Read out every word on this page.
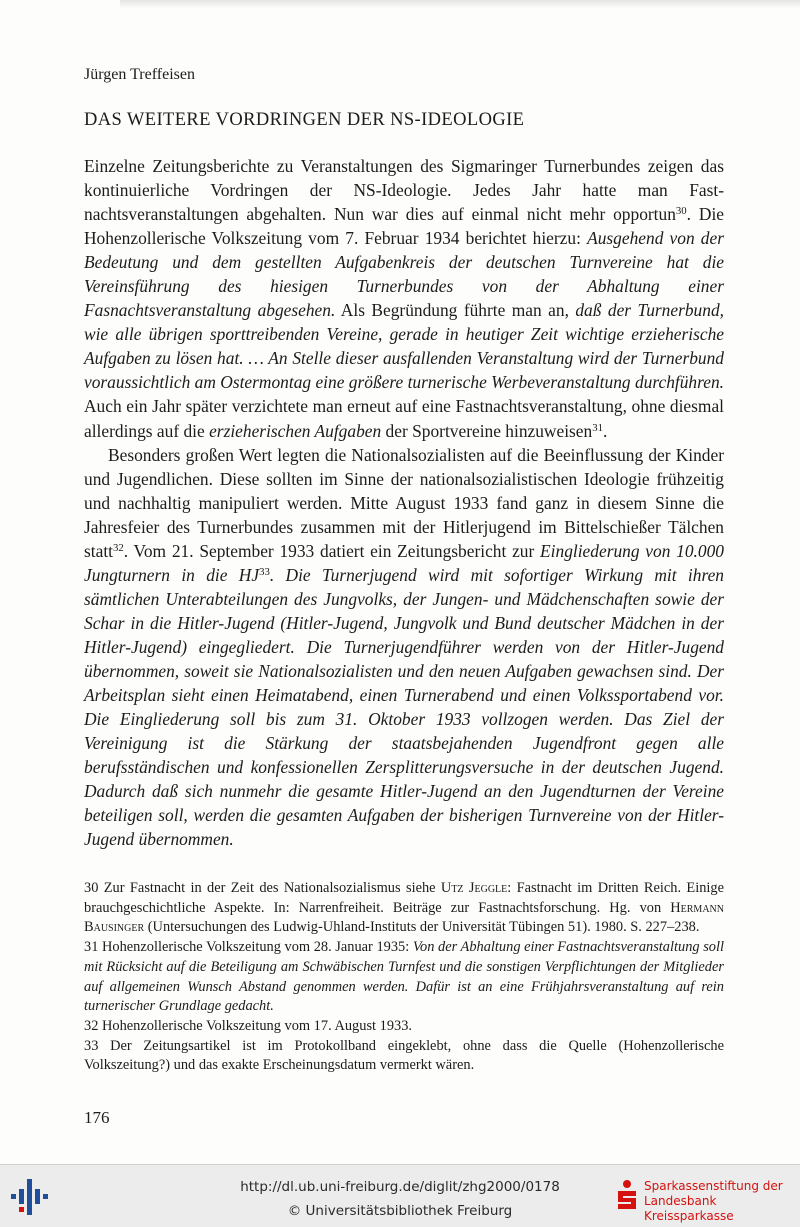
Jürgen Treffeisen
DAS WEITERE VORDRINGEN DER NS-IDEOLOGIE

Einzelne Zeitungsberichte zu Veranstaltungen des Sigmaringer Turnerbundes zeigen das kontinuierliche Vordringen der NS-Ideologie. Jedes Jahr hatte man Fastnachtsveranstaltungen abgehalten. Nun war dies auf einmal nicht mehr opportun$^{30}$. Die Hohenzollerische Volkszeitung vom 7. Februar 1934 berichtet hierzu: Ausgehend von der Bedeutung und dem gestellten Aufgabenkreis der deutschen Turnvereine hat die Vereinsführung des hiesigen Turnerbundes von der Abhaltung einer Fasnachtsveranstaltung abgesehen. Als Begründung führte man an, daß der Turnerbund, wie alle übrigen sporttreibenden Vereine, gerade in heutiger Zeit wichtige erzieherische Aufgaben zu lösen hat. … An Stelle dieser ausfallenden Veranstaltung wird der Turnerbund voraussichtlich am Ostermontag eine größere turnerische Werbeveranstaltung durchführen. Auch ein Jahr später verzichtete man erneut auf eine Fastnachtsveranstaltung, ohne diesmal allerdings auf die erzieherischen Aufgaben der Sportvereine hinzuweisen$^{31}$.

Besonders großen Wert legten die Nationalsozialisten auf die Beeinflussung der Kinder und Jugendlichen. Diese sollten im Sinne der nationalsozialistischen Ideologie frühzeitig und nachhaltig manipuliert werden. Mitte August 1933 fand ganz in diesem Sinne die Jahresfeier des Turnerbundes zusammen mit der Hitlerjugend im Bittelschießer Tälchen statt$^{32}$. Vom 21. September 1933 datiert ein Zeitungsbericht zur Eingliederung von 10.000 Jungturnern in die HJ$^{33}$. Die Turnerjugend wird mit sofortiger Wirkung mit ihren sämtlichen Unterabteilungen des Jungvolks, der Jungen- und Mädchenschaften sowie der Schar in die Hitler-Jugend (Hitler-Jugend, Jungvolk und Bund deutscher Mädchen in der Hitler-Jugend) eingegliedert. Die Turnerjugendführer werden von der Hitler-Jugend übernommen, soweit sie Nationalsozialisten und den neuen Aufgaben gewachsen sind. Der Arbeitsplan sieht einen Heimatabend, einen Turnerabend und einen Volkssportabend vor. Die Eingliederung soll bis zum 31. Oktober 1933 vollzogen werden. Das Ziel der Vereinigung ist die Stärkung der staatsbejahenden Jugendfront gegen alle berufsständischen und konfessionellen Zersplitterungsversuche in der deutschen Jugend. Dadurch daß sich nunmehr die gesamte Hitler-Jugend an den Jugendturnen der Vereine beteiligen soll, werden die gesamten Aufgaben der bisherigen Turnvereine von der Hitler-Jugend übernommen.

30 Zur Fastnacht in der Zeit des Nationalsozialismus siehe Utz Jeggle: Fastnacht im Dritten Reich. Einige brauchgeschichtliche Aspekte. In: Narrenfreiheit. Beiträge zur Fastnachtsforschung. Hg. von Hermann Bausinger (Untersuchungen des Ludwig-Uhland-Instituts der Universität Tübingen 51). 1980. S. 227–238.

31 Hohenzollerische Volkszeitung vom 28. Januar 1935: Von der Abhaltung einer Fastnachtsveranstaltung soll mit Rücksicht auf die Beteiligung am Schwäbischen Turnfest und die sonstigen Verpflichtungen der Mitglieder auf allgemeinen Wunsch Abstand genommen werden. Dafür ist an eine Frühjahrsveranstaltung auf rein turnerischer Grundlage gedacht.

32 Hohenzollerische Volkszeitung vom 17. August 1933.

33 Der Zeitungsartikel ist im Protokollband eingeklebt, ohne dass die Quelle (Hohenzollerische Volkszeitung?) und das exakte Erscheinungsdatum vermerkt wären.

176
http://dl.ub.uni-freiburg.de/diglit/zhg2000/0178
© Universitätsbibliothek Freiburg
Sparkassenstiftung der
Landesbank Kreissparkasse
